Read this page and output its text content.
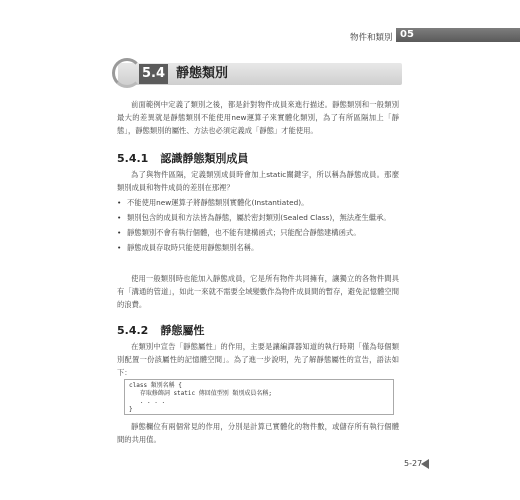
物件和類別 05
5.4 靜態類別

前面範例中定義了類別之後，都是針對物件成員來進行描述。靜態類別和一般類別最大的差異就是靜態類別不能使用new運算子來實體化類別，為了有所區隔加上「靜態」，靜態類別的屬性、方法也必須定義成「靜態」才能使用。

5.4.1 認識靜態類別成員

為了與物件區隔，定義類別成員時會加上static關鍵字，所以稱為靜態成員。那麼類別成員和物件成員的差別在那裡？

• 不能使用new運算子將靜態類別實體化(Instantiated)。
• 類別包含的成員和方法皆為靜態，屬於密封類別(Sealed Class)，無法產生繼承。
• 靜態類別不會有執行個體，也不能有建構函式；只能配合靜態建構函式。
• 靜態成員存取時只能使用靜態類別名稱。

使用一般類別時也能加入靜態成員，它是所有物件共同擁有，讓獨立的各物件間具有「溝通的管道」，如此一來就不需要全域變數作為物件成員間的暫存，避免記憶體空間的浪費。

5.4.2 靜態屬性

在類別中宣告「靜態屬性」的作用，主要是讓編譯器知道的執行時期「僅為每個類別配置一份該屬性的記憶體空間」。為了進一步說明，先了解靜態屬性的宣告，語法如下：

class 類別名稱 {
存取修飾詞 static 傳回值型別 類別成員名稱;
. . . .
}

靜態欄位有兩個常見的作用，分別是計算已實體化的物件數，或儲存所有執行個體間的共用值。

5-27
